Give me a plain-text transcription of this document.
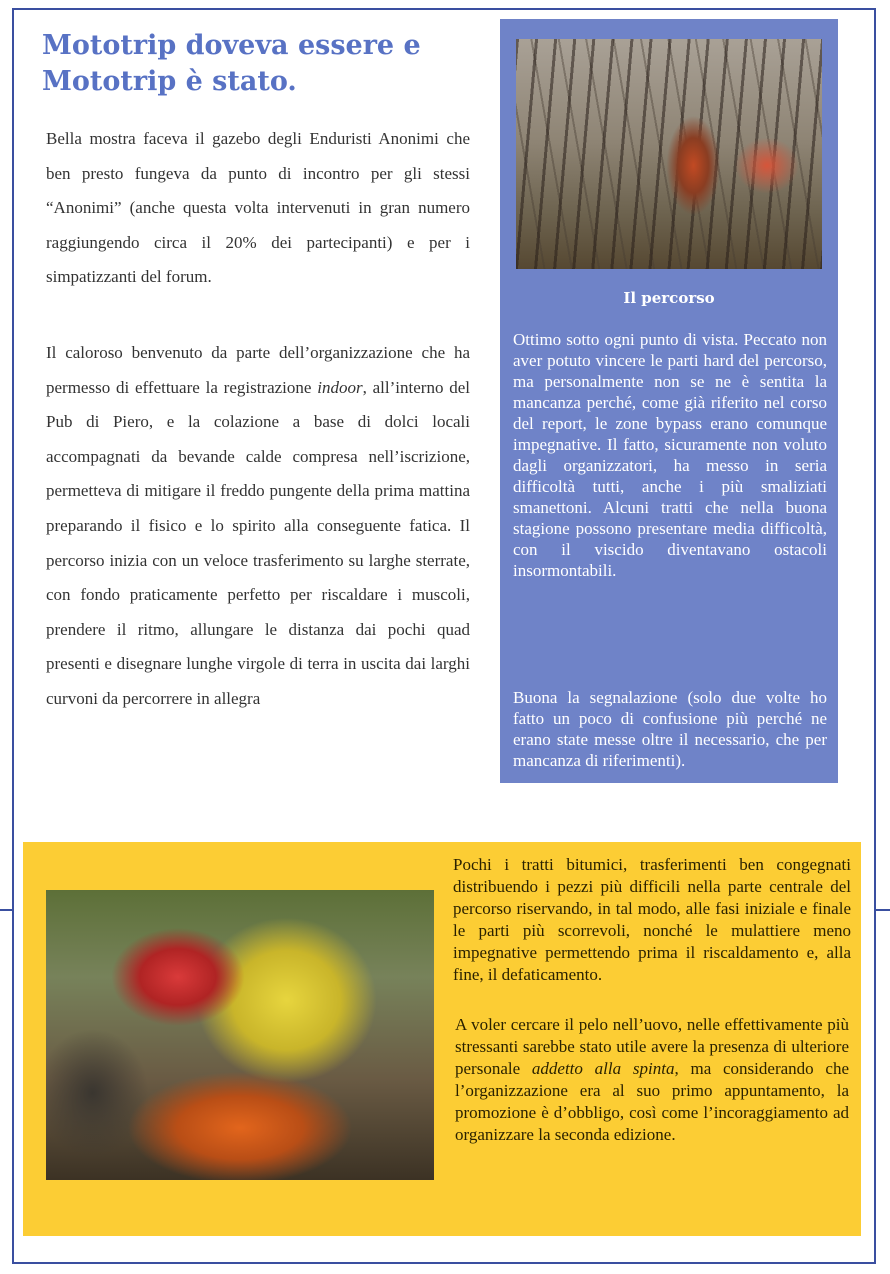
Mototrip doveva essere e Mototrip è stato.

Bella mostra faceva il gazebo degli Enduristi Anonimi che ben presto fungeva da punto di incontro per gli stessi “Anonimi” (anche questa volta intervenuti in gran numero raggiungendo circa il 20% dei partecipanti) e per i simpatizzanti del forum.

Il caloroso benvenuto da parte dell’organizzazione che ha permesso di effettuare la registrazione indoor, all’interno del Pub di Piero, e la colazione a base di dolci locali accompagnati da bevande calde compresa nell’iscrizione, permetteva di mitigare il freddo pungente della prima mattina preparando il fisico e lo spirito alla conseguente fatica. Il percorso inizia con un veloce trasferimento su larghe sterrate, con fondo praticamente perfetto per riscaldare i muscoli, prendere il ritmo, allungare le distanza dai pochi quad presenti e disegnare lunghe virgole di terra in uscita dai larghi curvoni da percorrere in allegra

Il percorso

Ottimo sotto ogni punto di vista. Peccato non aver potuto vincere le parti hard del percorso, ma personalmente non se ne è sentita la mancanza perché, come già riferito nel corso del report, le zone bypass erano comunque impegnative. Il fatto, sicuramente non voluto dagli organizzatori, ha messo in seria difficoltà tutti, anche i più smaliziati smanettoni. Alcuni tratti che nella buona stagione possono presentare media difficoltà, con il viscido diventavano ostacoli insormontabili.

Buona la segnalazione (solo due volte ho fatto un poco di confusione più perché ne erano state messe oltre il necessario, che per mancanza di riferimenti).

Pochi i tratti bitumici, trasferimenti ben congegnati distribuendo i pezzi più difficili nella parte centrale del percorso riservando, in tal modo, alle fasi iniziale e finale le parti più scorrevoli, nonché le mulattiere meno impegnative permettendo prima il riscaldamento e, alla fine, il defaticamento.

A voler cercare il pelo nell’uovo, nelle effettivamente più stressanti sarebbe stato utile avere la presenza di ulteriore personale addetto alla spinta, ma considerando che l’organizzazione era al suo primo appuntamento, la promozione è d’obbligo, così come l’incoraggiamento ad organizzare la seconda edizione.
